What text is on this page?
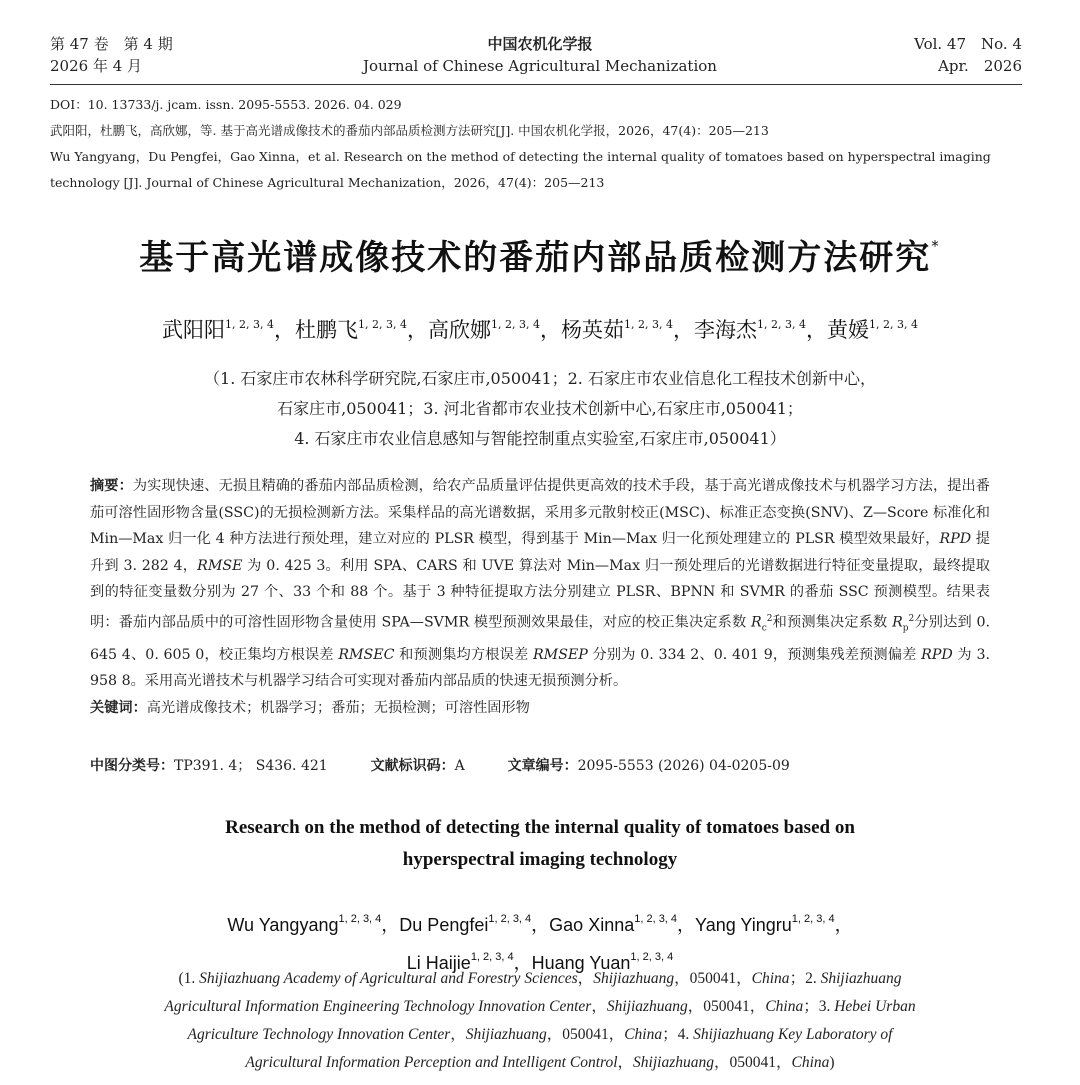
第 47 卷　第 4 期
2026 年 4 月
中国农机化学报
Journal of Chinese Agricultural Mechanization
Vol. 47　No. 4
Apr.　2026

DOI：10. 13733/j. jcam. issn. 2095-5553. 2026. 04. 029

武阳阳，杜鹏飞，高欣娜，等. 基于高光谱成像技术的番茄内部品质检测方法研究[J]. 中国农机化学报，2026，47(4)：205—213

Wu Yangyang，Du Pengfei，Gao Xinna，et al. Research on the method of detecting the internal quality of tomatoes based on hyperspectral imaging

technology [J]. Journal of Chinese Agricultural Mechanization，2026，47(4)：205—213

基于高光谱成像技术的番茄内部品质检测方法研究*
武阳阳$^{1, 2, 3, 4}$，杜鹏飞$^{1, 2, 3, 4}$，高欣娜$^{1, 2, 3, 4}$，杨英茹$^{1, 2, 3, 4}$，李海杰$^{1, 2, 3, 4}$，黄媛$^{1, 2, 3, 4}$
（1. 石家庄市农林科学研究院,石家庄市,050041；2. 石家庄市农业信息化工程技术创新中心，
石家庄市,050041；3. 河北省都市农业技术创新中心,石家庄市,050041；
4. 石家庄市农业信息感知与智能控制重点实验室,石家庄市,050041）

摘要：为实现快速、无损且精确的番茄内部品质检测，给农产品质量评估提供更高效的技术手段，基于高光谱成像技术与机器学习方法，提出番茄可溶性固形物含量(SSC)的无损检测新方法。采集样品的高光谱数据，采用多元散射校正(MSC)、标准正态变换(SNV)、Z—Score 标准化和 Min—Max 归一化 4 种方法进行预处理，建立对应的 PLSR 模型，得到基于 Min—Max 归一化预处理建立的 PLSR 模型效果最好，RPD 提升到 3. 282 4，RMSE 为 0. 425 3。利用 SPA、CARS 和 UVE 算法对 Min—Max 归一预处理后的光谱数据进行特征变量提取，最终提取到的特征变量数分别为 27 个、33 个和 88 个。基于 3 种特征提取方法分别建立 PLSR、BPNN 和 SVMR 的番茄 SSC 预测模型。结果表明：番茄内部品质中的可溶性固形物含量使用 SPA—SVMR 模型预测效果最佳，对应的校正集决定系数 $R_c^2$和预测集决定系数 $R_p^2$分别达到 0. 645 4、0. 605 0，校正集均方根误差 RMSEC 和预测集均方根误差 RMSEP 分别为 0. 334 2、0. 401 9，预测集残差预测偏差 RPD 为 3. 958 8。采用高光谱技术与机器学习结合可实现对番茄内部品质的快速无损预测分析。

关键词：高光谱成像技术；机器学习；番茄；无损检测；可溶性固形物

中图分类号：TP391. 4； S436. 421	文献标识码：A	文章编号：2095-5553 (2026) 04-0205-09
Research on the method of detecting the internal quality of tomatoes based on
hyperspectral imaging technology
Wu Yangyang$^{1, 2, 3, 4}$，Du Pengfei$^{1, 2, 3, 4}$，Gao Xinna$^{1, 2, 3, 4}$，Yang Yingru$^{1, 2, 3, 4}$，
Li Haijie$^{1, 2, 3, 4}$，Huang Yuan$^{1, 2, 3, 4}$
(1. Shijiazhuang Academy of Agricultural and Forestry Sciences，Shijiazhuang，050041，China；2. Shijiazhuang
Agricultural Information Engineering Technology Innovation Center，Shijiazhuang，050041，China；3. Hebei Urban
Agriculture Technology Innovation Center，Shijiazhuang，050041，China；4. Shijiazhuang Key Laboratory of
Agricultural Information Perception and Intelligent Control，Shijiazhuang，050041，China)
